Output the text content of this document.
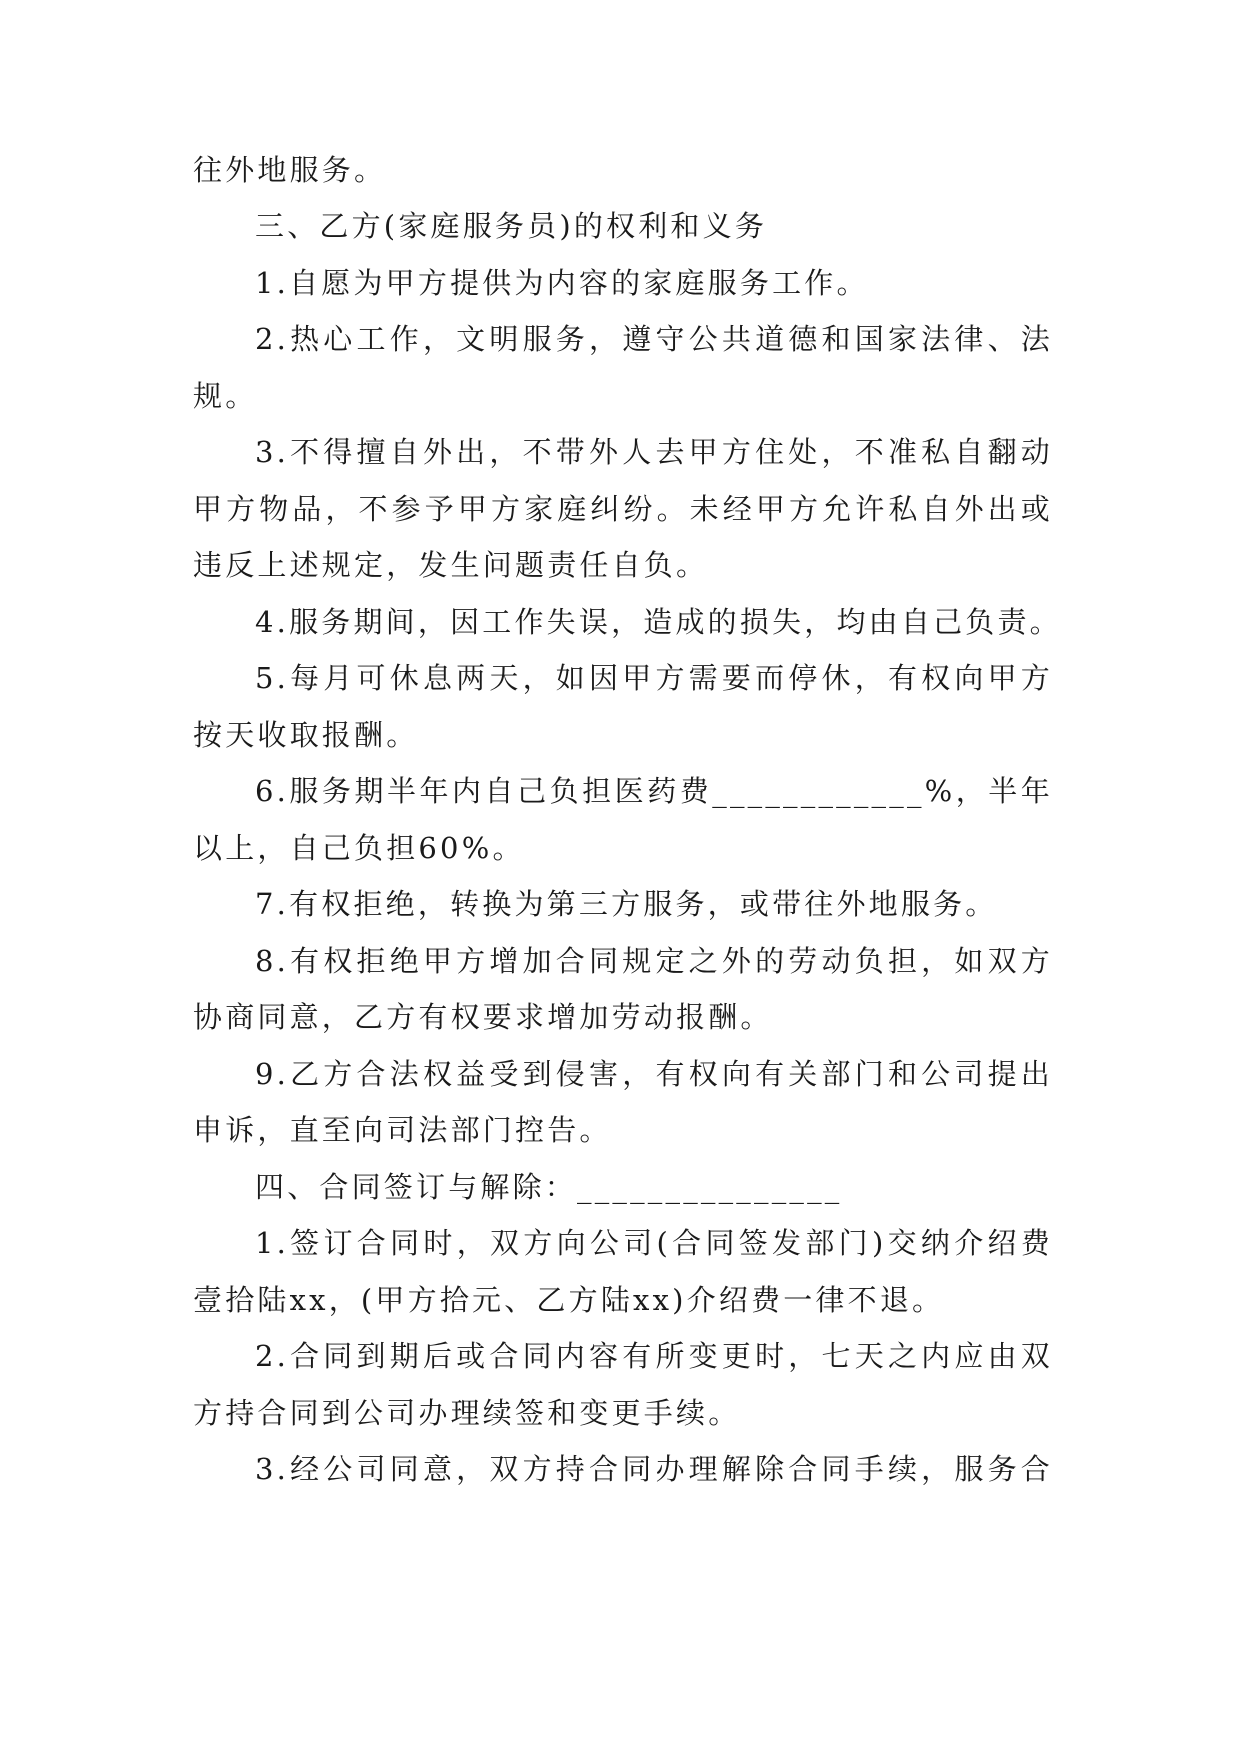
往外地服务。
三、乙方(家庭服务员)的权利和义务
1.自愿为甲方提供为内容的家庭服务工作。
2.热心工作，文明服务，遵守公共道德和国家法律、法
规。
3.不得擅自外出，不带外人去甲方住处，不准私自翻动
甲方物品，不参予甲方家庭纠纷。未经甲方允许私自外出或
违反上述规定，发生问题责任自负。
4.服务期间，因工作失误，造成的损失，均由自己负责。
5.每月可休息两天，如因甲方需要而停休，有权向甲方
按天收取报酬。
6.服务期半年内自己负担医药费____________%，半年
以上，自己负担60%。
7.有权拒绝，转换为第三方服务，或带往外地服务。
8.有权拒绝甲方增加合同规定之外的劳动负担，如双方
协商同意，乙方有权要求增加劳动报酬。
9.乙方合法权益受到侵害，有权向有关部门和公司提出
申诉，直至向司法部门控告。
四、合同签订与解除：_______________
1.签订合同时，双方向公司(合同签发部门)交纳介绍费
壹拾陆xx，(甲方拾元、乙方陆xx)介绍费一律不退。
2.合同到期后或合同内容有所变更时，七天之内应由双
方持合同到公司办理续签和变更手续。
3.经公司同意，双方持合同办理解除合同手续，服务合
